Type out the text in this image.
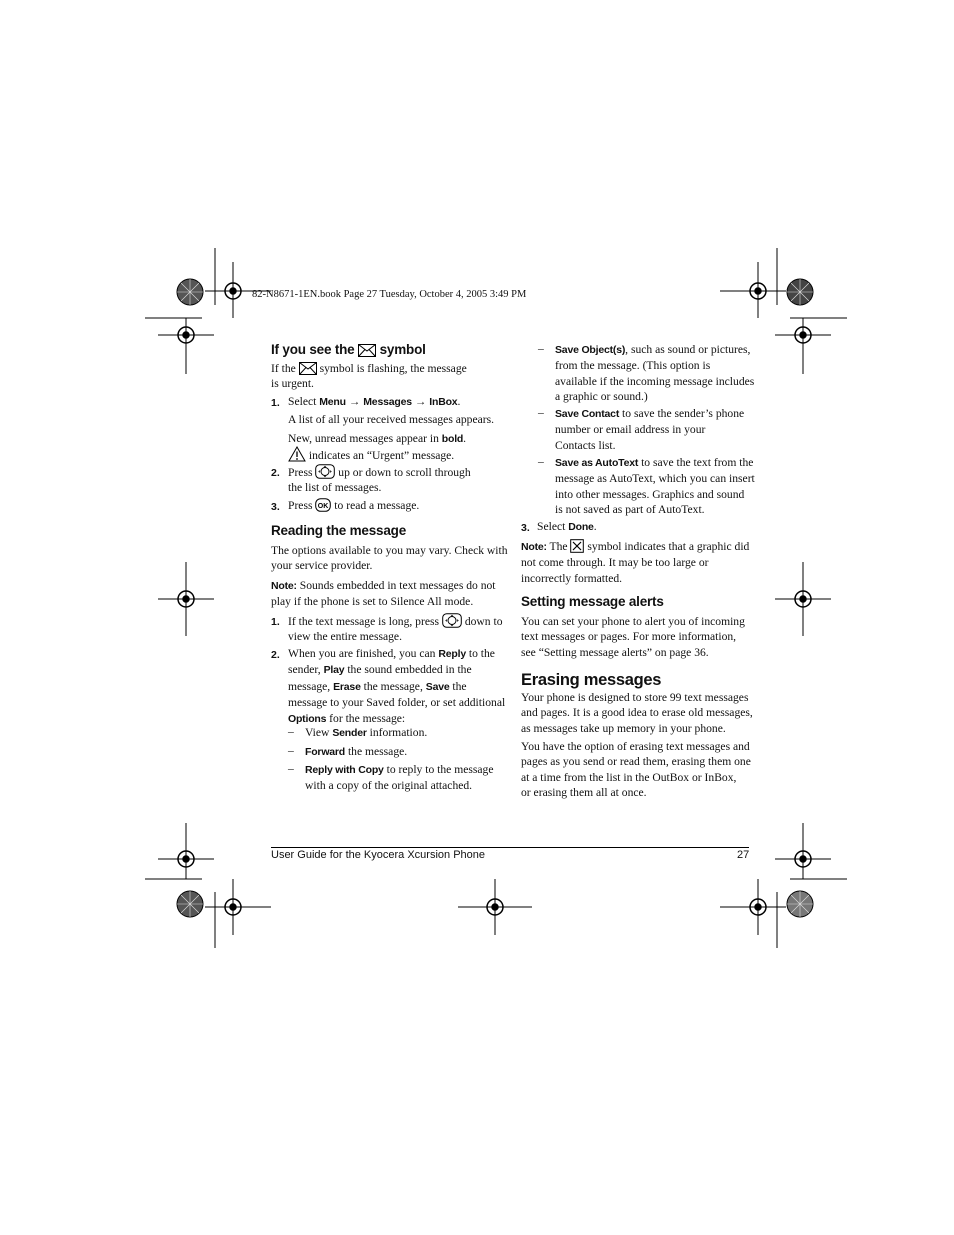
82-N8671-1EN.book Page 27 Tuesday, October 4, 2005 3:49 PM
If you see the symbol
If the symbol is flashing, the message
is urgent.
1. Select Menu → Messages → InBox.
A list of all your received messages appears.
New, unread messages appear in bold.
indicates an “Urgent” message.
2. Press up or down to scroll through
the list of messages.
3. Press OK to read a message.
Reading the message
The options available to you may vary. Check with
your service provider.
Note: Sounds embedded in text messages do not
play if the phone is set to Silence All mode.
1. If the text message is long, press down to
view the entire message.
2. When you are finished, you can Reply to the
sender, Play the sound embedded in the
message, Erase the message, Save the
message to your Saved folder, or set additional
Options for the message:
– View Sender information.
– Forward the message.
– Reply with Copy to reply to the message
with a copy of the original attached.
– Save Object(s), such as sound or pictures,
from the message. (This option is
available if the incoming message includes
a graphic or sound.)
– Save Contact to save the sender’s phone
number or email address in your
Contacts list.
– Save as AutoText to save the text from the
message as AutoText, which you can insert
into other messages. Graphics and sound
is not saved as part of AutoText.
3. Select Done.
Note: The symbol indicates that a graphic did
not come through. It may be too large or
incorrectly formatted.
Setting message alerts
You can set your phone to alert you of incoming
text messages or pages. For more information,
see “Setting message alerts” on page 36.
Erasing messages
Your phone is designed to store 99 text messages
and pages. It is a good idea to erase old messages,
as messages take up memory in your phone.
You have the option of erasing text messages and
pages as you send or read them, erasing them one
at a time from the list in the OutBox or InBox,
or erasing them all at once.
User Guide for the Kyocera Xcursion Phone	27
